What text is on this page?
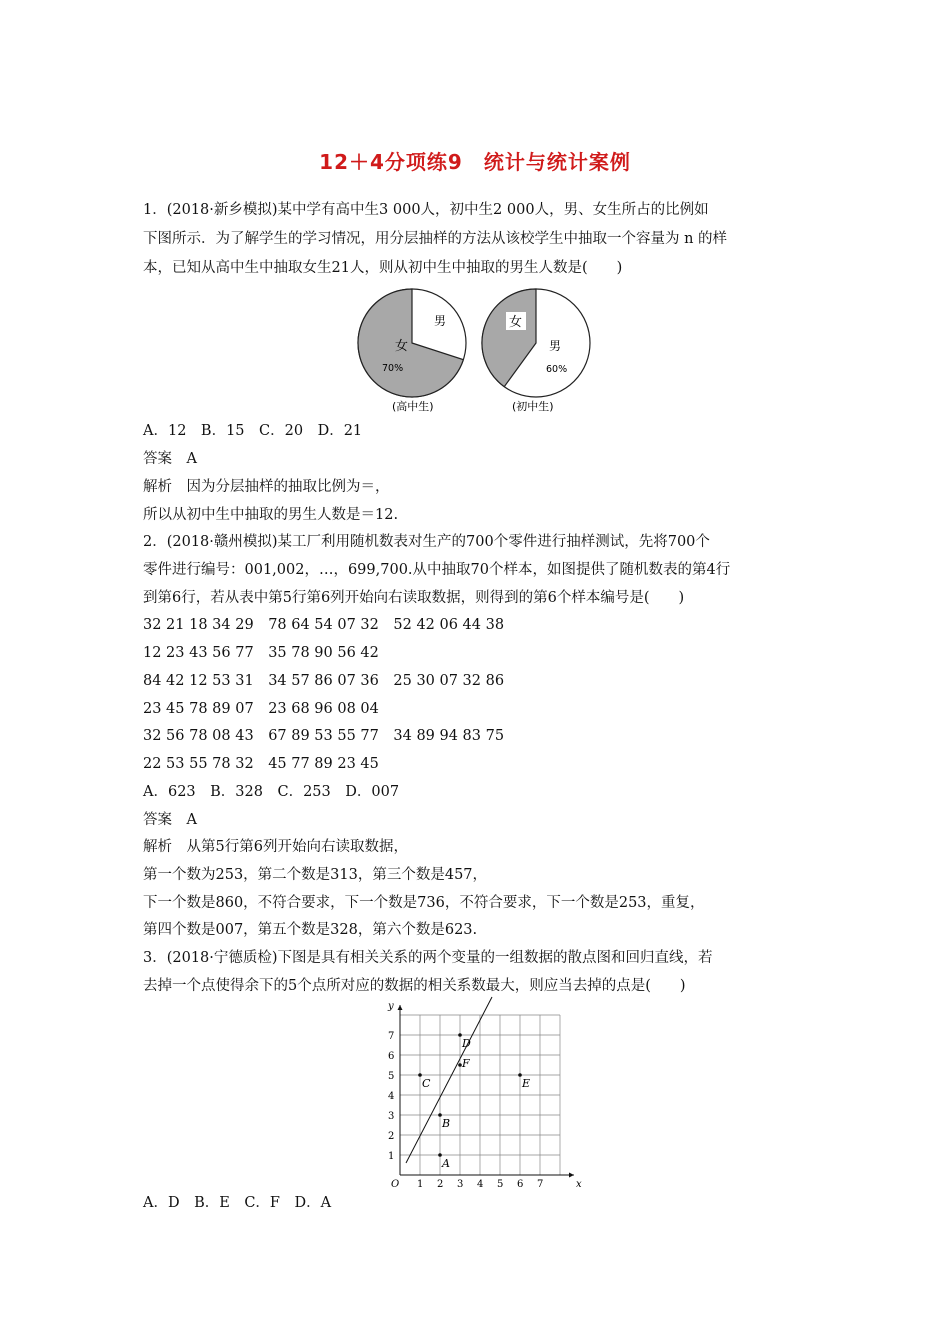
12＋4分项练9　统计与统计案例
1．(2018·新乡模拟)某中学有高中生3 000人，初中生2 000人，男、女生所占的比例如
下图所示．为了解学生的学习情况，用分层抽样的方法从该校学生中抽取一个容量为 n 的样
本，已知从高中生中抽取女生21人，则从初中生中抽取的男生人数是(　　)
女
70%
男
(高中生)
女
男
60%
(初中生)
A．12　B．15　C．20　D．21
答案　A
解析　因为分层抽样的抽取比例为＝，
所以从初中生中抽取的男生人数是＝12.
2．(2018·赣州模拟)某工厂利用随机数表对生产的700个零件进行抽样测试，先将700个
零件进行编号：001,002，…，699,700.从中抽取70个样本，如图提供了随机数表的第4行
到第6行，若从表中第5行第6列开始向右读取数据，则得到的第6个样本编号是(　　)
32 21 18 34 29　78 64 54 07 32　52 42 06 44 38
12 23 43 56 77　35 78 90 56 42
84 42 12 53 31　34 57 86 07 36　25 30 07 32 86
23 45 78 89 07　23 68 96 08 04
32 56 78 08 43　67 89 53 55 77　34 89 94 83 75
22 53 55 78 32　45 77 89 23 45
A．623　B．328　C．253　D．007
答案　A
解析　从第5行第6列开始向右读取数据，
第一个数为253，第二个数是313，第三个数是457，
下一个数是860，不符合要求，下一个数是736，不符合要求，下一个数是253，重复，
第四个数是007，第五个数是328，第六个数是623.
3．(2018·宁德质检)下图是具有相关关系的两个变量的一组数据的散点图和回归直线，若
去掉一个点使得余下的5个点所对应的数据的相关系数最大，则应当去掉的点是(　　)
1 2 3 4 5 6 7
1
2
3
4
5
6
7
O	x
y
A
B
C
D
E
F
A．D　B．E　C．F　D．A
